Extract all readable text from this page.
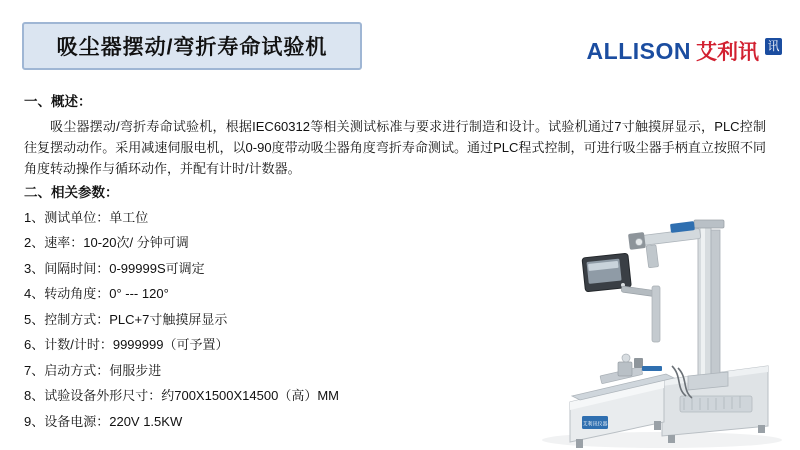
吸尘器摆动/弯折寿命试验机	ALLISON 艾利讯 讯

一、概述：

吸尘器摆动/弯折寿命试验机，根据IEC60312等相关测试标准与要求进行制造和设计。试验机通过7寸触摸屏显示，PLC控制往复摆动动作。采用减速伺服电机，以0-90度带动吸尘器角度弯折寿命测试。通过PLC程式控制，可进行吸尘器手柄直立按照不同角度转动操作与循环动作，并配有计时/计数器。

二、相关参数：

1、测试单位：单工位
2、速率：10-20次/ 分钟可调
3、间隔时间：0-99999S可调定
4、转动角度：0° --- 120°
5、控制方式：PLC+7寸触摸屏显示
6、计数/计时：9999999（可予置）
7、启动方式：伺服步进
8、试验设备外形尺寸：约700X1500X14500（高）MM
9、设备电源：220V 1.5KW	艾利讯仪器
